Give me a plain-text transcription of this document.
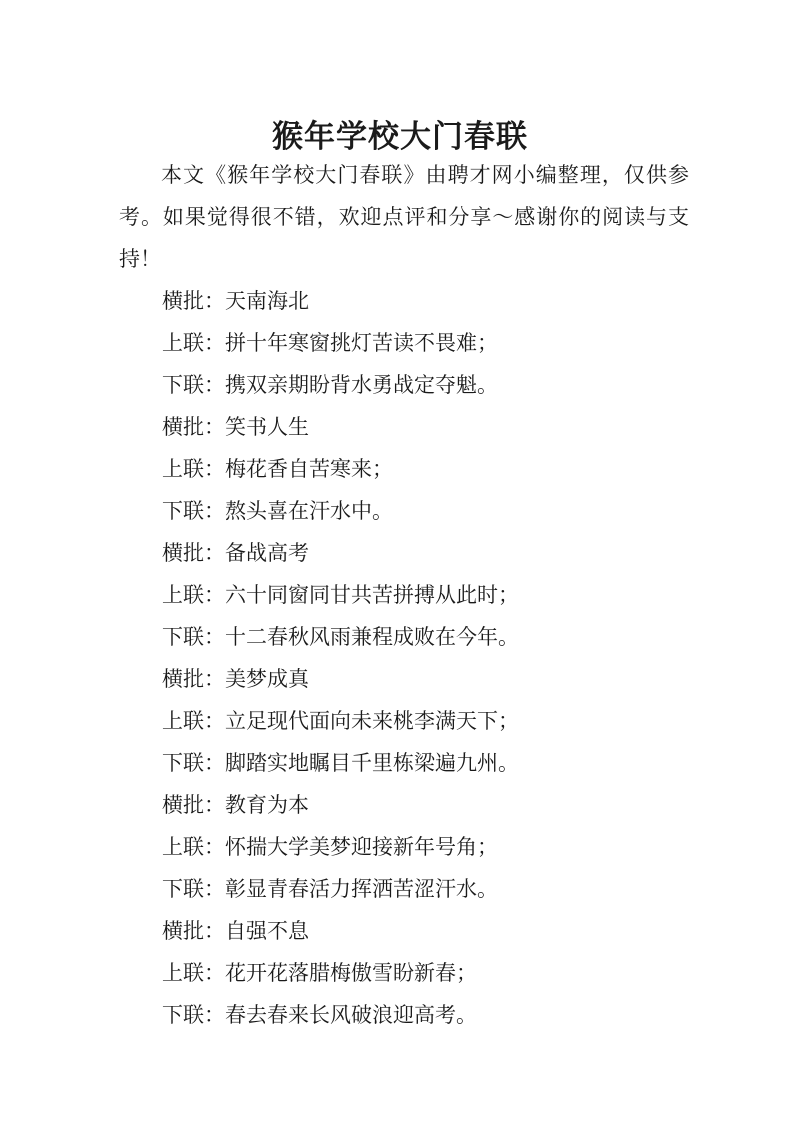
猴年学校大门春联

本文《猴年学校大门春联》由聘才网小编整理，仅供参考。如果觉得很不错，欢迎点评和分享～感谢你的阅读与支持！

横批：天南海北
上联：拼十年寒窗挑灯苦读不畏难；
下联：携双亲期盼背水勇战定夺魁。
横批：笑书人生
上联：梅花香自苦寒来；
下联：熬头喜在汗水中。
横批：备战高考
上联：六十同窗同甘共苦拼搏从此时；
下联：十二春秋风雨兼程成败在今年。
横批：美梦成真
上联：立足现代面向未来桃李满天下；
下联：脚踏实地瞩目千里栋梁遍九州。
横批：教育为本
上联：怀揣大学美梦迎接新年号角；
下联：彰显青春活力挥洒苦涩汗水。
横批：自强不息
上联：花开花落腊梅傲雪盼新春；
下联：春去春来长风破浪迎高考。
